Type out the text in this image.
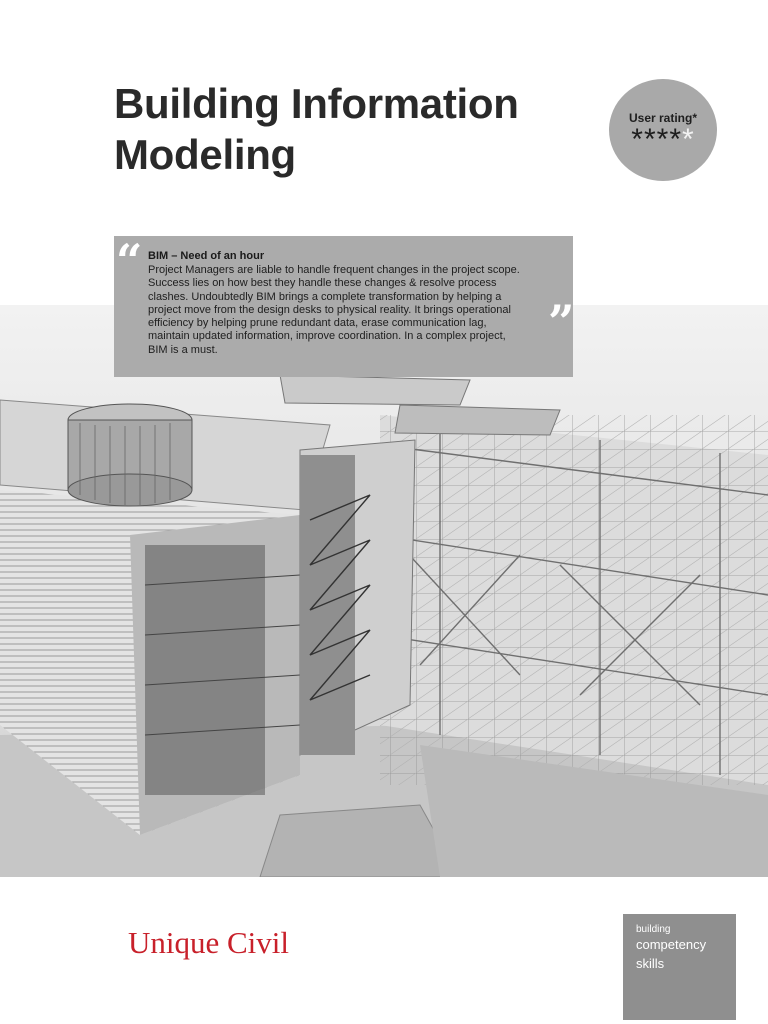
Building Information
Modeling
User rating*
*****
“ BIM – Need of an hour
Project Managers are liable to handle frequent changes in the project scope.
Success lies on how best they handle these changes & resolve process
clashes. Undoubtedly BIM brings a complete transformation by helping a
project move from the design desks to physical reality. It brings operational
efficiency by helping prune redundant data, erase communication lag,
maintain updated information, improve coordination. In a complex project,
BIM is a must.
”
Unique Civil	building
competency
skills
